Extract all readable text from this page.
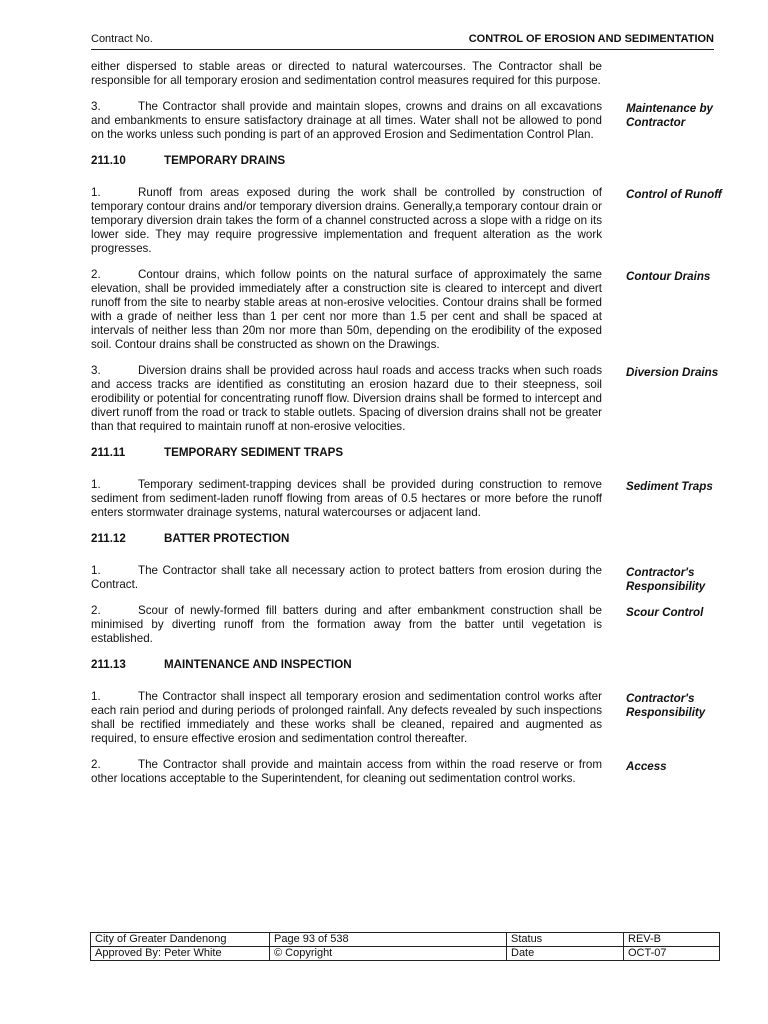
Contract No.	CONTROL OF EROSION AND SEDIMENTATION
either dispersed to stable areas or directed to natural watercourses. The Contractor shall be responsible for all temporary erosion and sedimentation control measures required for this purpose.
3.	The Contractor shall provide and maintain slopes, crowns and drains on all excavations and embankments to ensure satisfactory drainage at all times. Water shall not be allowed to pond on the works unless such ponding is part of an approved Erosion and Sedimentation Control Plan.
Maintenance by Contractor
211.10	TEMPORARY DRAINS
1.	Runoff from areas exposed during the work shall be controlled by construction of temporary contour drains and/or temporary diversion drains. Generally,a temporary contour drain or temporary diversion drain takes the form of a channel constructed across a slope with a ridge on its lower side. They may require progressive implementation and frequent alteration as the work progresses.
Control of Runoff
2.	Contour drains, which follow points on the natural surface of approximately the same elevation, shall be provided immediately after a construction site is cleared to intercept and divert runoff from the site to nearby stable areas at non-erosive velocities. Contour drains shall be formed with a grade of neither less than 1 per cent nor more than 1.5 per cent and shall be spaced at intervals of neither less than 20m nor more than 50m, depending on the erodibility of the exposed soil. Contour drains shall be constructed as shown on the Drawings.
Contour Drains
3.	Diversion drains shall be provided across haul roads and access tracks when such roads and access tracks are identified as constituting an erosion hazard due to their steepness, soil erodibility or potential for concentrating runoff flow. Diversion drains shall be formed to intercept and divert runoff from the road or track to stable outlets. Spacing of diversion drains shall not be greater than that required to maintain runoff at non-erosive velocities.
Diversion Drains
211.11	TEMPORARY SEDIMENT TRAPS
1.	Temporary sediment-trapping devices shall be provided during construction to remove sediment from sediment-laden runoff flowing from areas of 0.5 hectares or more before the runoff enters stormwater drainage systems, natural watercourses or adjacent land.
Sediment Traps
211.12	BATTER PROTECTION
1.	The Contractor shall take all necessary action to protect batters from erosion during the Contract.
Contractor's Responsibility
2.	Scour of newly-formed fill batters during and after embankment construction shall be minimised by diverting runoff from the formation away from the batter until vegetation is established.
Scour Control
211.13	MAINTENANCE AND INSPECTION
1.	The Contractor shall inspect all temporary erosion and sedimentation control works after each rain period and during periods of prolonged rainfall. Any defects revealed by such inspections shall be rectified immediately and these works shall be cleaned, repaired and augmented as required, to ensure effective erosion and sedimentation control thereafter.
Contractor's Responsibility
2.	The Contractor shall provide and maintain access from within the road reserve or from other locations acceptable to the Superintendent, for cleaning out sedimentation control works.
Access
City of Greater Dandenong	Page 93 of 538	Status	REV-B
Approved By: Peter White	© Copyright	Date	OCT-07
